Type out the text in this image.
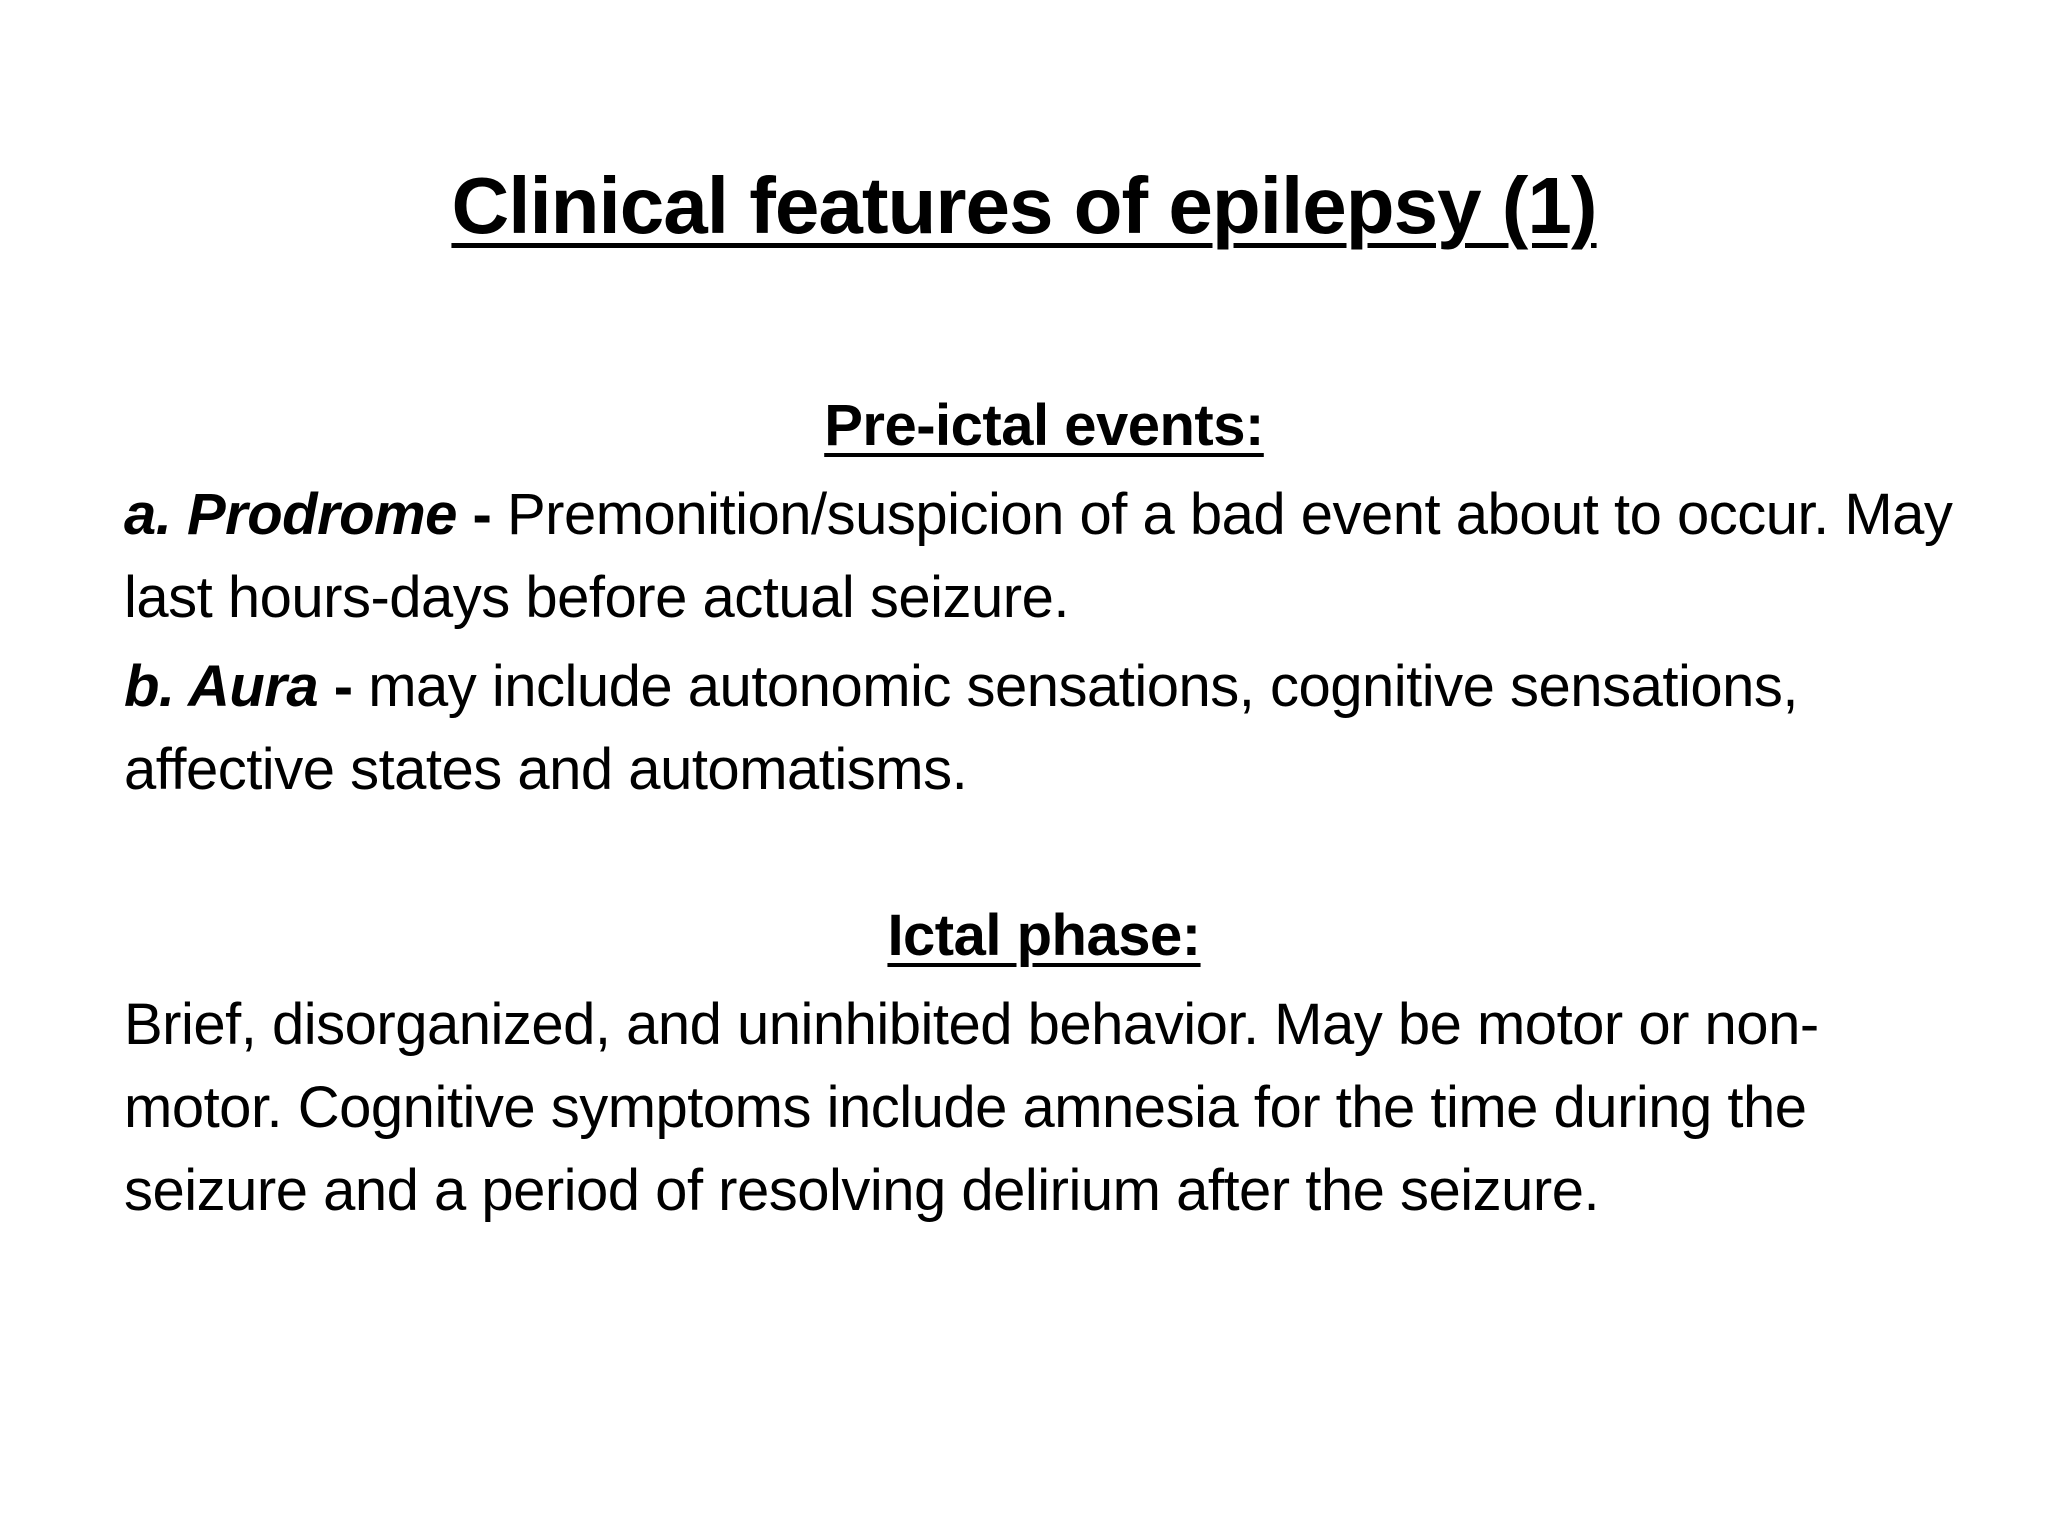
Clinical features of epilepsy (1)

Pre-ictal events:

a. Prodrome - Premonition/suspicion of a bad event about to occur. May last hours-days before actual seizure.

b. Aura - may include autonomic sensations, cognitive sensations, affective states and automatisms.

Ictal phase:

Brief, disorganized, and uninhibited behavior. May be motor or non-motor. Cognitive symptoms include amnesia for the time during the seizure and a period of resolving delirium after the seizure.
